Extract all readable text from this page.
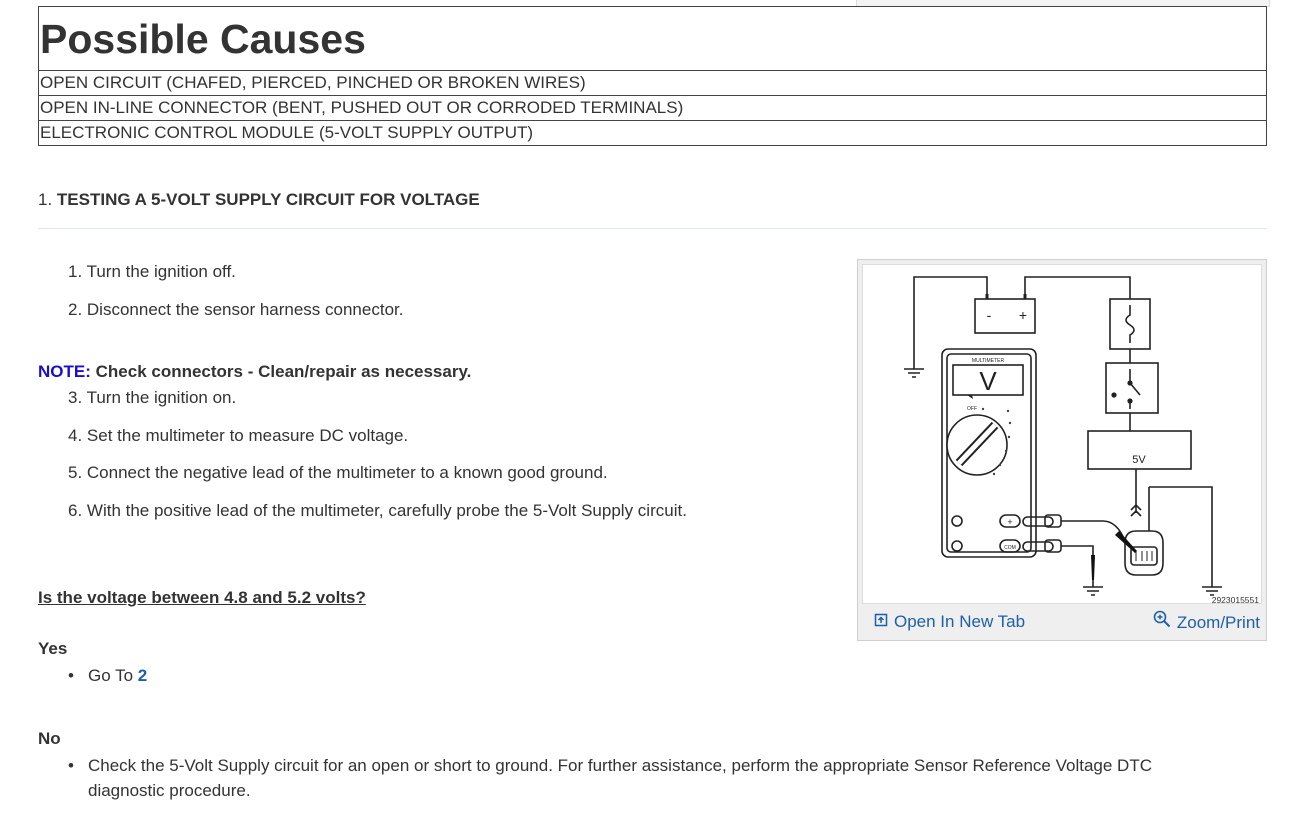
Possible Causes
OPEN CIRCUIT (CHAFED, PIERCED, PINCHED OR BROKEN WIRES)
OPEN IN-LINE CONNECTOR (BENT, PUSHED OUT OR CORRODED TERMINALS)
ELECTRONIC CONTROL MODULE (5-VOLT SUPPLY OUTPUT)
1. TESTING A 5-VOLT SUPPLY CIRCUIT FOR VOLTAGE
1. Turn the ignition off.
2. Disconnect the sensor harness connector.
NOTE: Check connectors - Clean/repair as necessary.
3. Turn the ignition on.
4. Set the multimeter to measure DC voltage.
5. Connect the negative lead of the multimeter to a known good ground.
6. With the positive lead of the multimeter, carefully probe the 5-Volt Supply circuit.
Is the voltage between 4.8 and 5.2 volts?
Yes
• Go To 2
No
• Check the 5-Volt Supply circuit for an open or short to ground. For further assistance, perform the appropriate Sensor Reference Voltage DTC diagnostic procedure.
- +
MULTIMETER
V
OFF
5V
+
COM
2923015551
Open In New Tab	Zoom/Print
